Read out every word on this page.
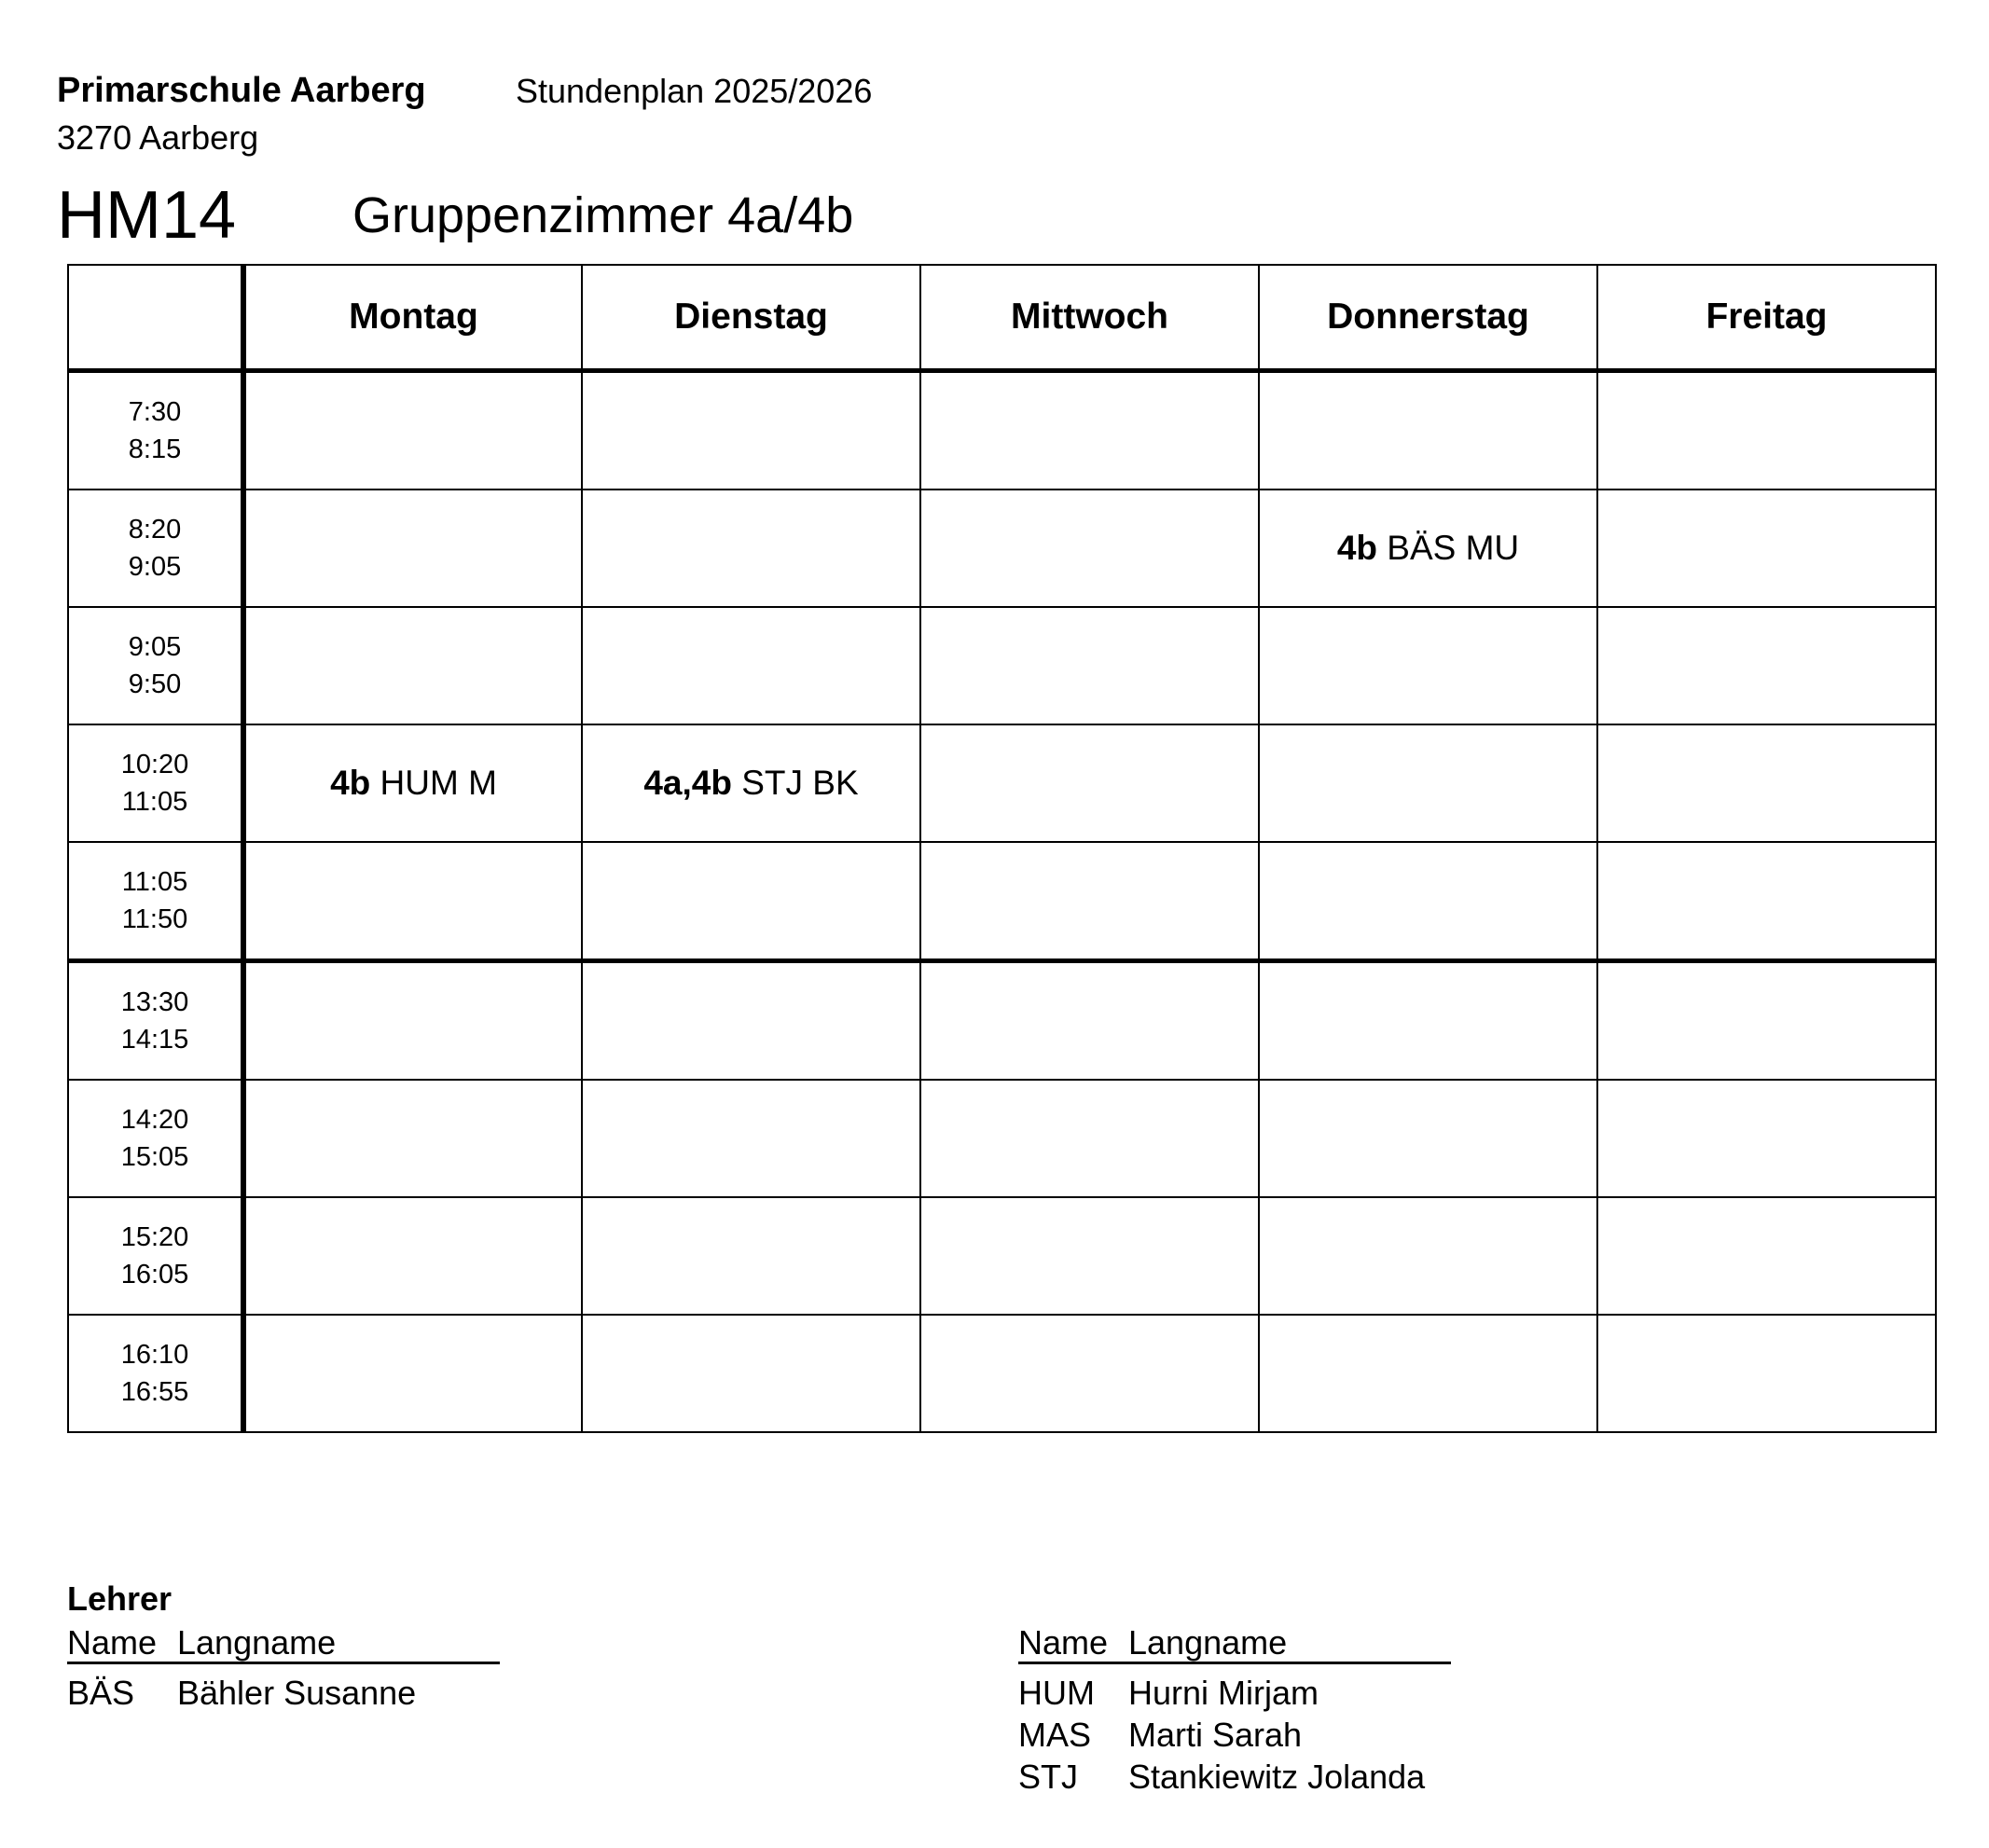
Primarschule Aarberg	Stundenplan 2025/2026
3270 Aarberg
HM14 Gruppenzimmer 4a/4b
	Montag	Dienstag	Mittwoch	Donnerstag	Freitag

7:30
8:15					

8:20
9:05				4b BÄS MU	

9:05
9:50					

10:20
11:05	4b HUM M	4a,4b STJ BK			

11:05
11:50					

13:30
14:15					

14:20
15:05					

15:20
16:05					

16:10
16:55					

Lehrer
Name Langname
BÄS	Bähler Susanne
Name Langname
HUM	Hurni Mirjam
MAS	Marti Sarah
STJ	Stankiewitz Jolanda
